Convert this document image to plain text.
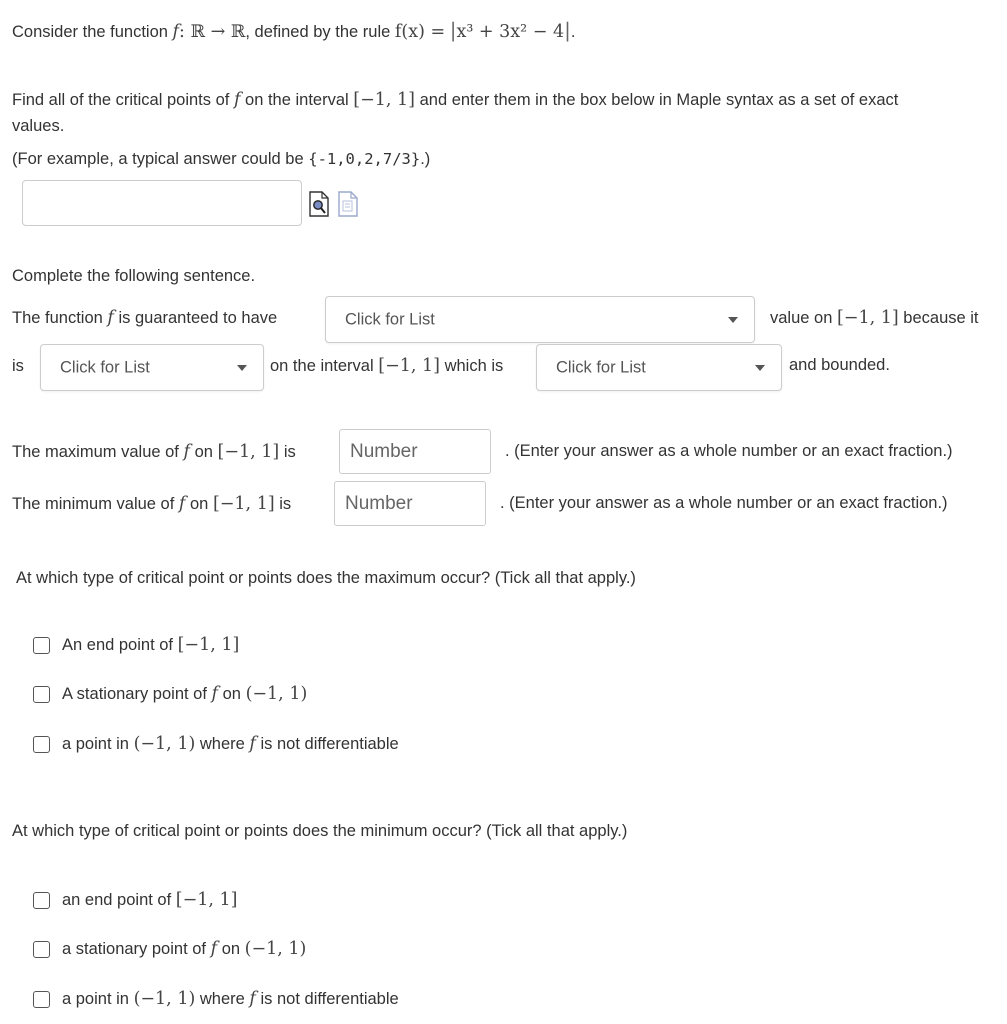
Consider the function f: ℝ → ℝ, defined by the rule f(x) = |x³ + 3x² − 4|.
Find all of the critical points of f on the interval [−1, 1] and enter them in the box below in Maple syntax as a set of exact
values.
(For example, a typical answer could be {-1,0,2,7/3}.)
Complete the following sentence.
The function f is guaranteed to have	Click for List	value on [−1, 1] because it
is Click for List	on the interval [−1, 1] which is	Click for List	and bounded.
The maximum value of f on [−1, 1] is
Number	. (Enter your answer as a whole number or an exact fraction.)
The minimum value of f on [−1, 1] is
Number	. (Enter your answer as a whole number or an exact fraction.)
At which type of critical point or points does the maximum occur? (Tick all that apply.)
An end point of
[−1, 1]
A stationary point of
f
on
(−1, 1)
a point in
(−1, 1)
where
f
is not differentiable
At which type of critical point or points does the minimum occur? (Tick all that apply.)
an end point of
[−1, 1]
a stationary point of
f
on
(−1, 1)
a point in
(−1, 1)
where
f
is not differentiable
